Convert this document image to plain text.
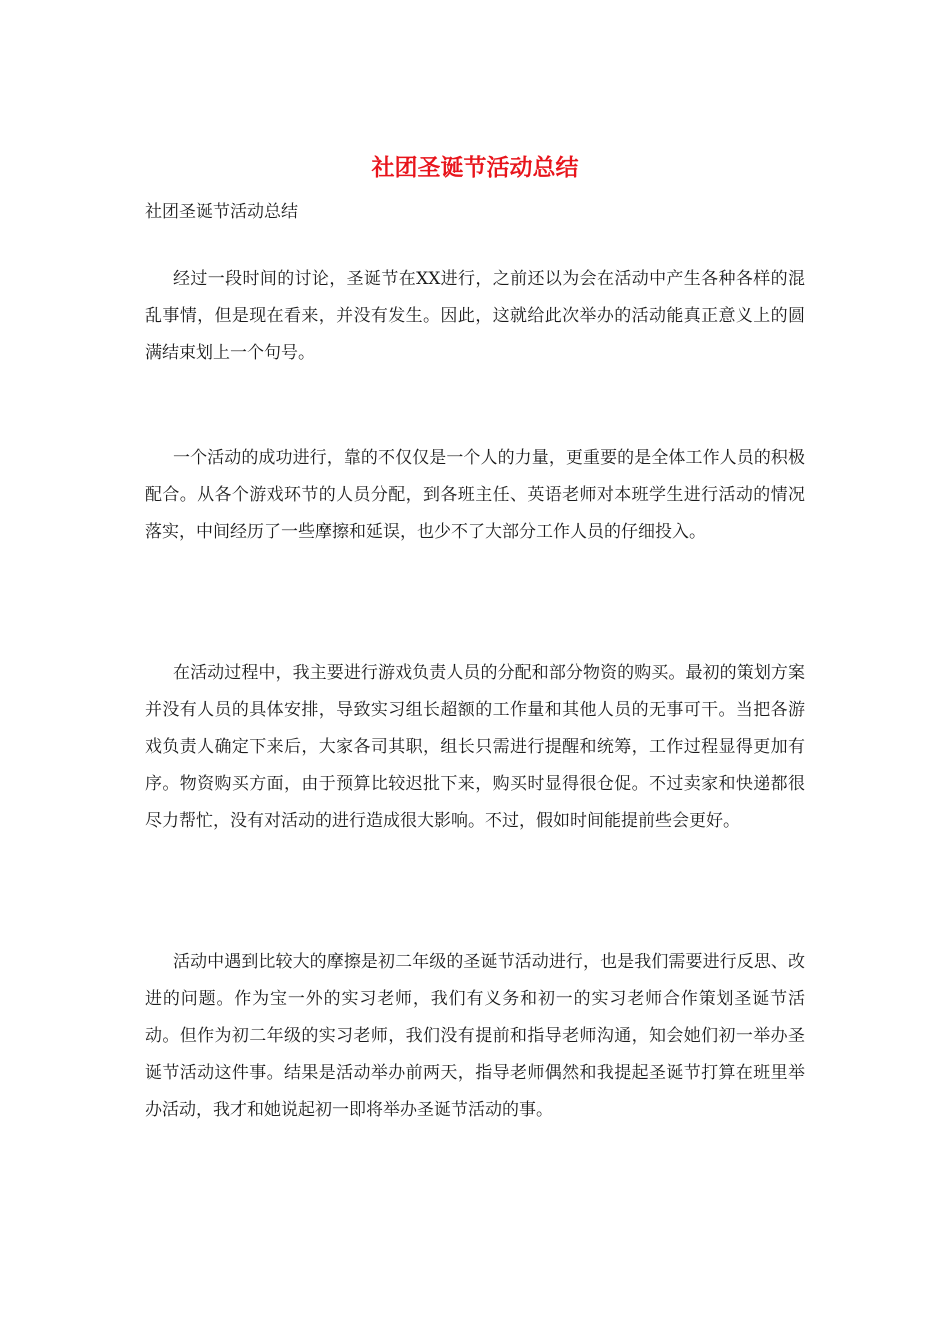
社团圣诞节活动总结

社团圣诞节活动总结

经过一段时间的讨论，圣诞节在XX进行，之前还以为会在活动中产生各种各样的混乱事情，但是现在看来，并没有发生。因此，这就给此次举办的活动能真正意义上的圆满结束划上一个句号。

一个活动的成功进行，靠的不仅仅是一个人的力量，更重要的是全体工作人员的积极配合。从各个游戏环节的人员分配，到各班主任、英语老师对本班学生进行活动的情况落实，中间经历了一些摩擦和延误，也少不了大部分工作人员的仔细投入。

在活动过程中，我主要进行游戏负责人员的分配和部分物资的购买。最初的策划方案并没有人员的具体安排，导致实习组长超额的工作量和其他人员的无事可干。当把各游戏负责人确定下来后，大家各司其职，组长只需进行提醒和统筹，工作过程显得更加有序。物资购买方面，由于预算比较迟批下来，购买时显得很仓促。不过卖家和快递都很尽力帮忙，没有对活动的进行造成很大影响。不过，假如时间能提前些会更好。

活动中遇到比较大的摩擦是初二年级的圣诞节活动进行，也是我们需要进行反思、改进的问题。作为宝一外的实习老师，我们有义务和初一的实习老师合作策划圣诞节活动。但作为初二年级的实习老师，我们没有提前和指导老师沟通，知会她们初一举办圣诞节活动这件事。结果是活动举办前两天，指导老师偶然和我提起圣诞节打算在班里举办活动，我才和她说起初一即将举办圣诞节活动的事。
